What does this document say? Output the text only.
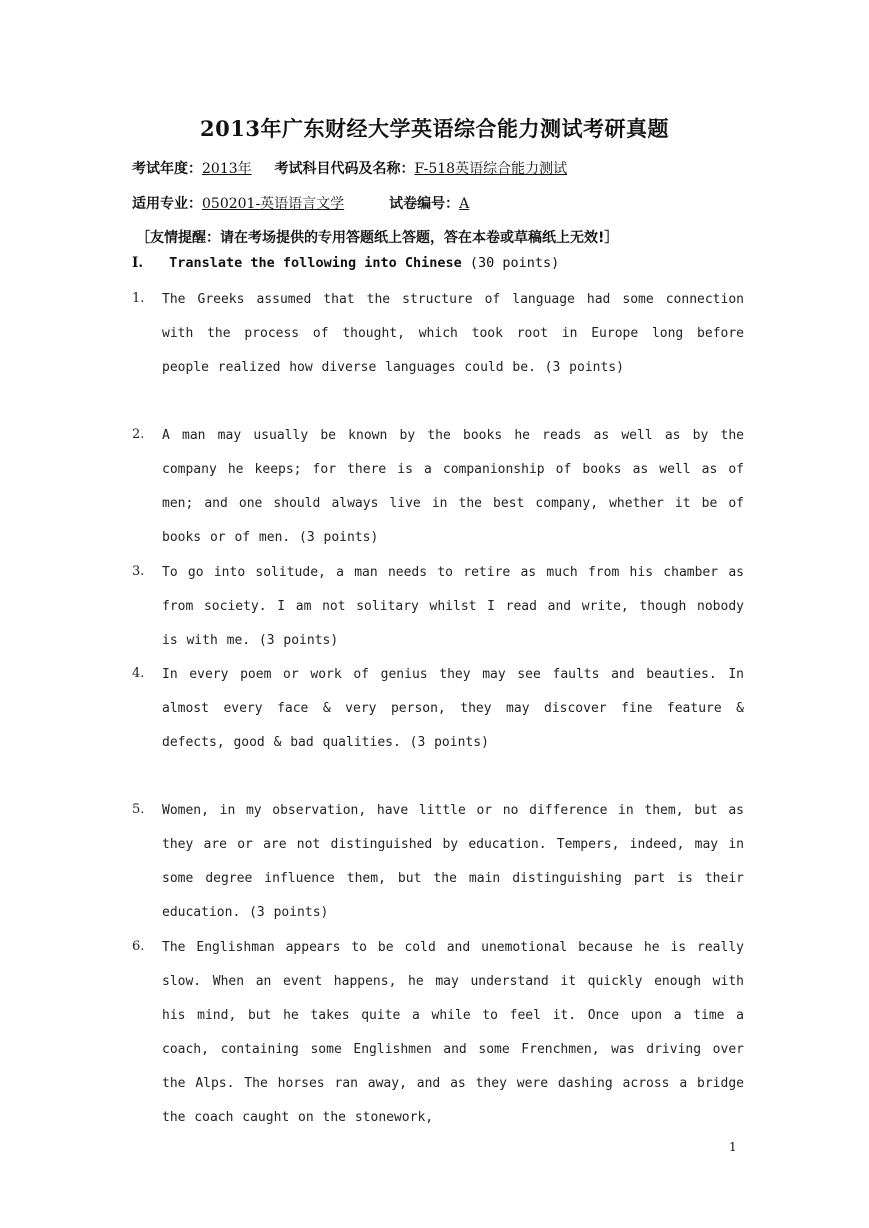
2013年广东财经大学英语综合能力测试考研真题
考试年度：2013年 考试科目代码及名称：F-518英语综合能力测试
适用专业：050201-英语语言文学	试卷编号：A
［友情提醒：请在考场提供的专用答题纸上答题，答在本卷或草稿纸上无效!］
I. Translate the following into Chinese (30 points)
1. The Greeks assumed that the structure of language had some connection with the process of thought, which took root in Europe long before people realized how diverse languages could be. (3 points)
2. A man may usually be known by the books he reads as well as by the company he keeps; for there is a companionship of books as well as of men; and one should always live in the best company, whether it be of books or of men. (3 points)
3. To go into solitude, a man needs to retire as much from his chamber as from society. I am not solitary whilst I read and write, though nobody is with me. (3 points)
4. In every poem or work of genius they may see faults and beauties. In almost every face & very person, they may discover fine feature & defects, good & bad qualities. (3 points)
5. Women, in my observation, have little or no difference in them, but as they are or are not distinguished by education. Tempers, indeed, may in some degree influence them, but the main distinguishing part is their education. (3 points)
6. The Englishman appears to be cold and unemotional because he is really slow. When an event happens, he may understand it quickly enough with his mind, but he takes quite a while to feel it. Once upon a time a coach, containing some Englishmen and some Frenchmen, was driving over the Alps. The horses ran away, and as they were dashing across a bridge the coach caught on the stonework,
1
